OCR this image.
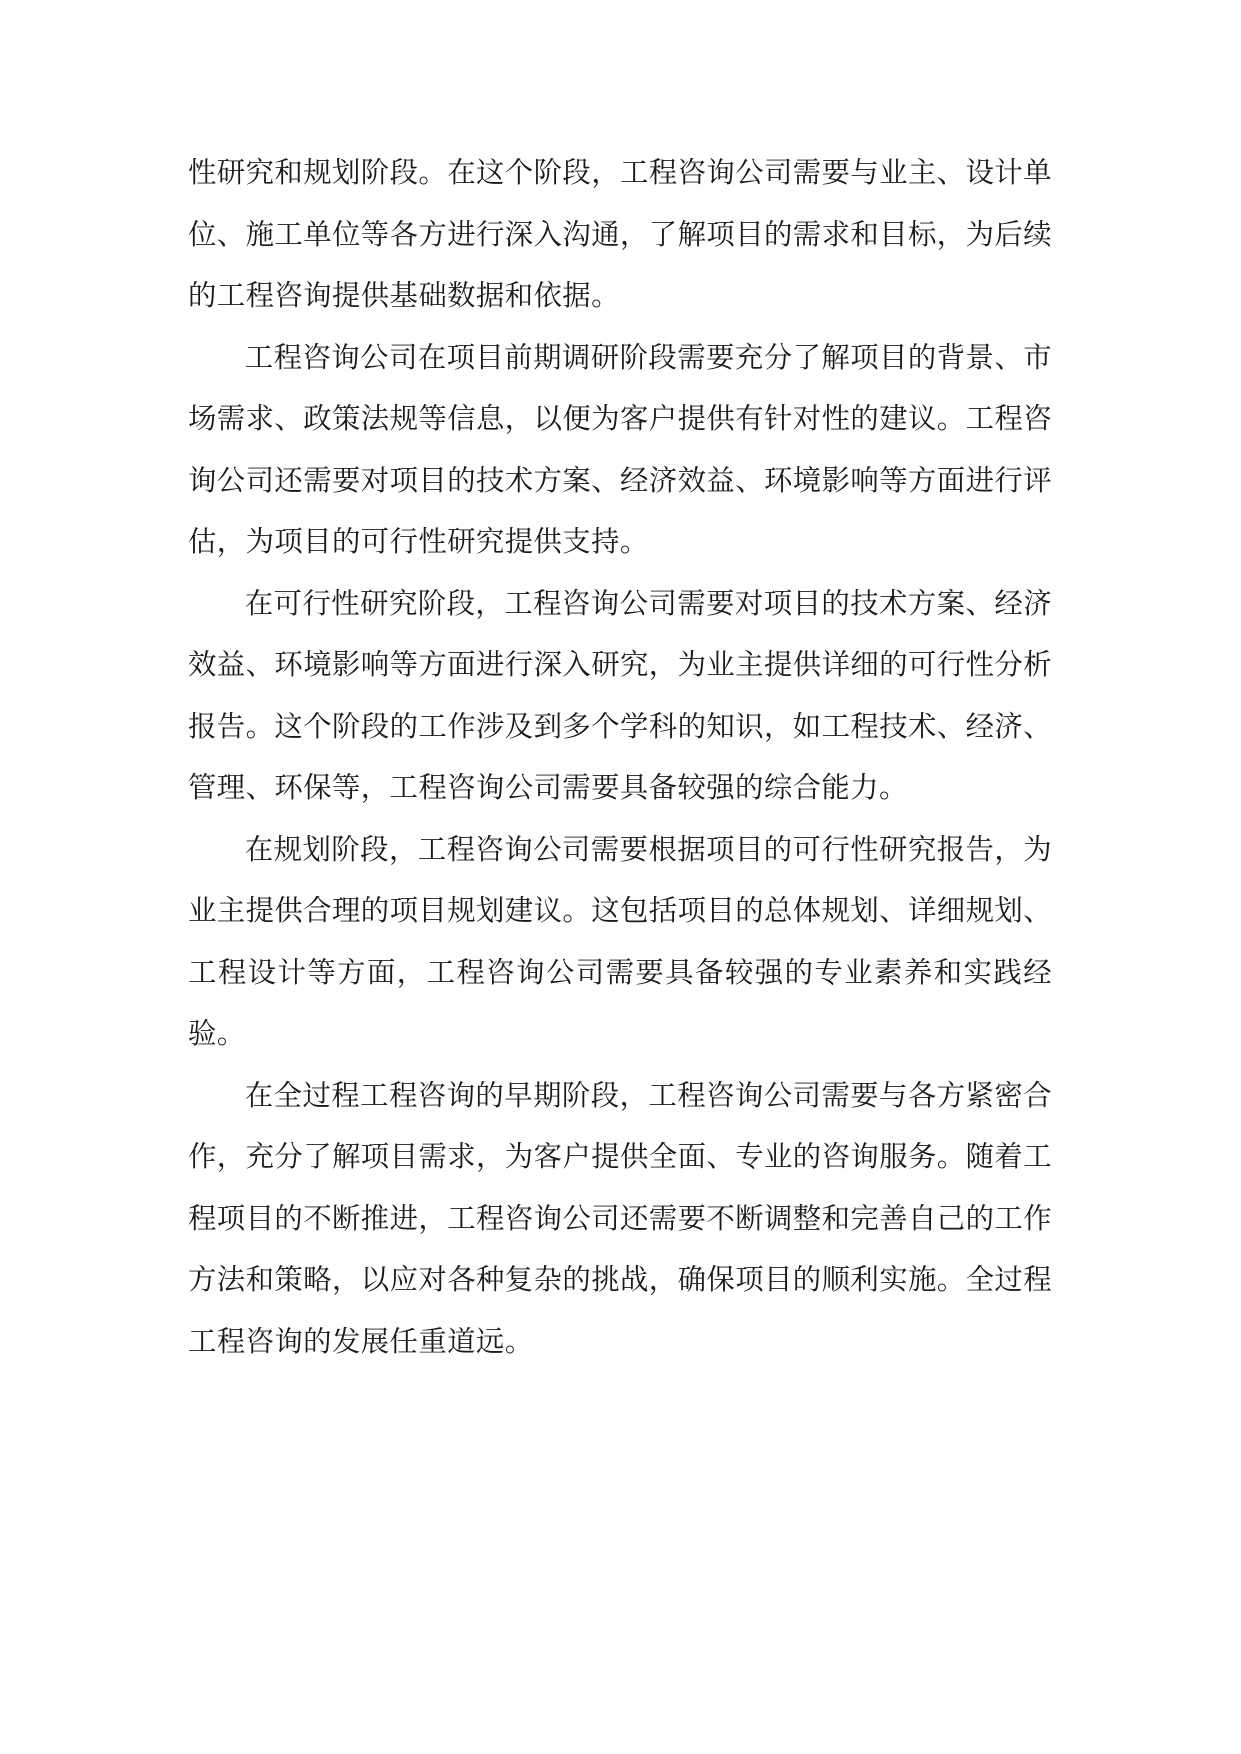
性研究和规划阶段。在这个阶段，工程咨询公司需要与业主、设计单位、施工单位等各方进行深入沟通，了解项目的需求和目标，为后续的工程咨询提供基础数据和依据。

工程咨询公司在项目前期调研阶段需要充分了解项目的背景、市场需求、政策法规等信息，以便为客户提供有针对性的建议。工程咨询公司还需要对项目的技术方案、经济效益、环境影响等方面进行评估，为项目的可行性研究提供支持。

在可行性研究阶段，工程咨询公司需要对项目的技术方案、经济效益、环境影响等方面进行深入研究，为业主提供详细的可行性分析报告。这个阶段的工作涉及到多个学科的知识，如工程技术、经济、管理、环保等，工程咨询公司需要具备较强的综合能力。

在规划阶段，工程咨询公司需要根据项目的可行性研究报告，为业主提供合理的项目规划建议。这包括项目的总体规划、详细规划、工程设计等方面，工程咨询公司需要具备较强的专业素养和实践经验。

在全过程工程咨询的早期阶段，工程咨询公司需要与各方紧密合作，充分了解项目需求，为客户提供全面、专业的咨询服务。随着工程项目的不断推进，工程咨询公司还需要不断调整和完善自己的工作方法和策略，以应对各种复杂的挑战，确保项目的顺利实施。全过程工程咨询的发展任重道远。
